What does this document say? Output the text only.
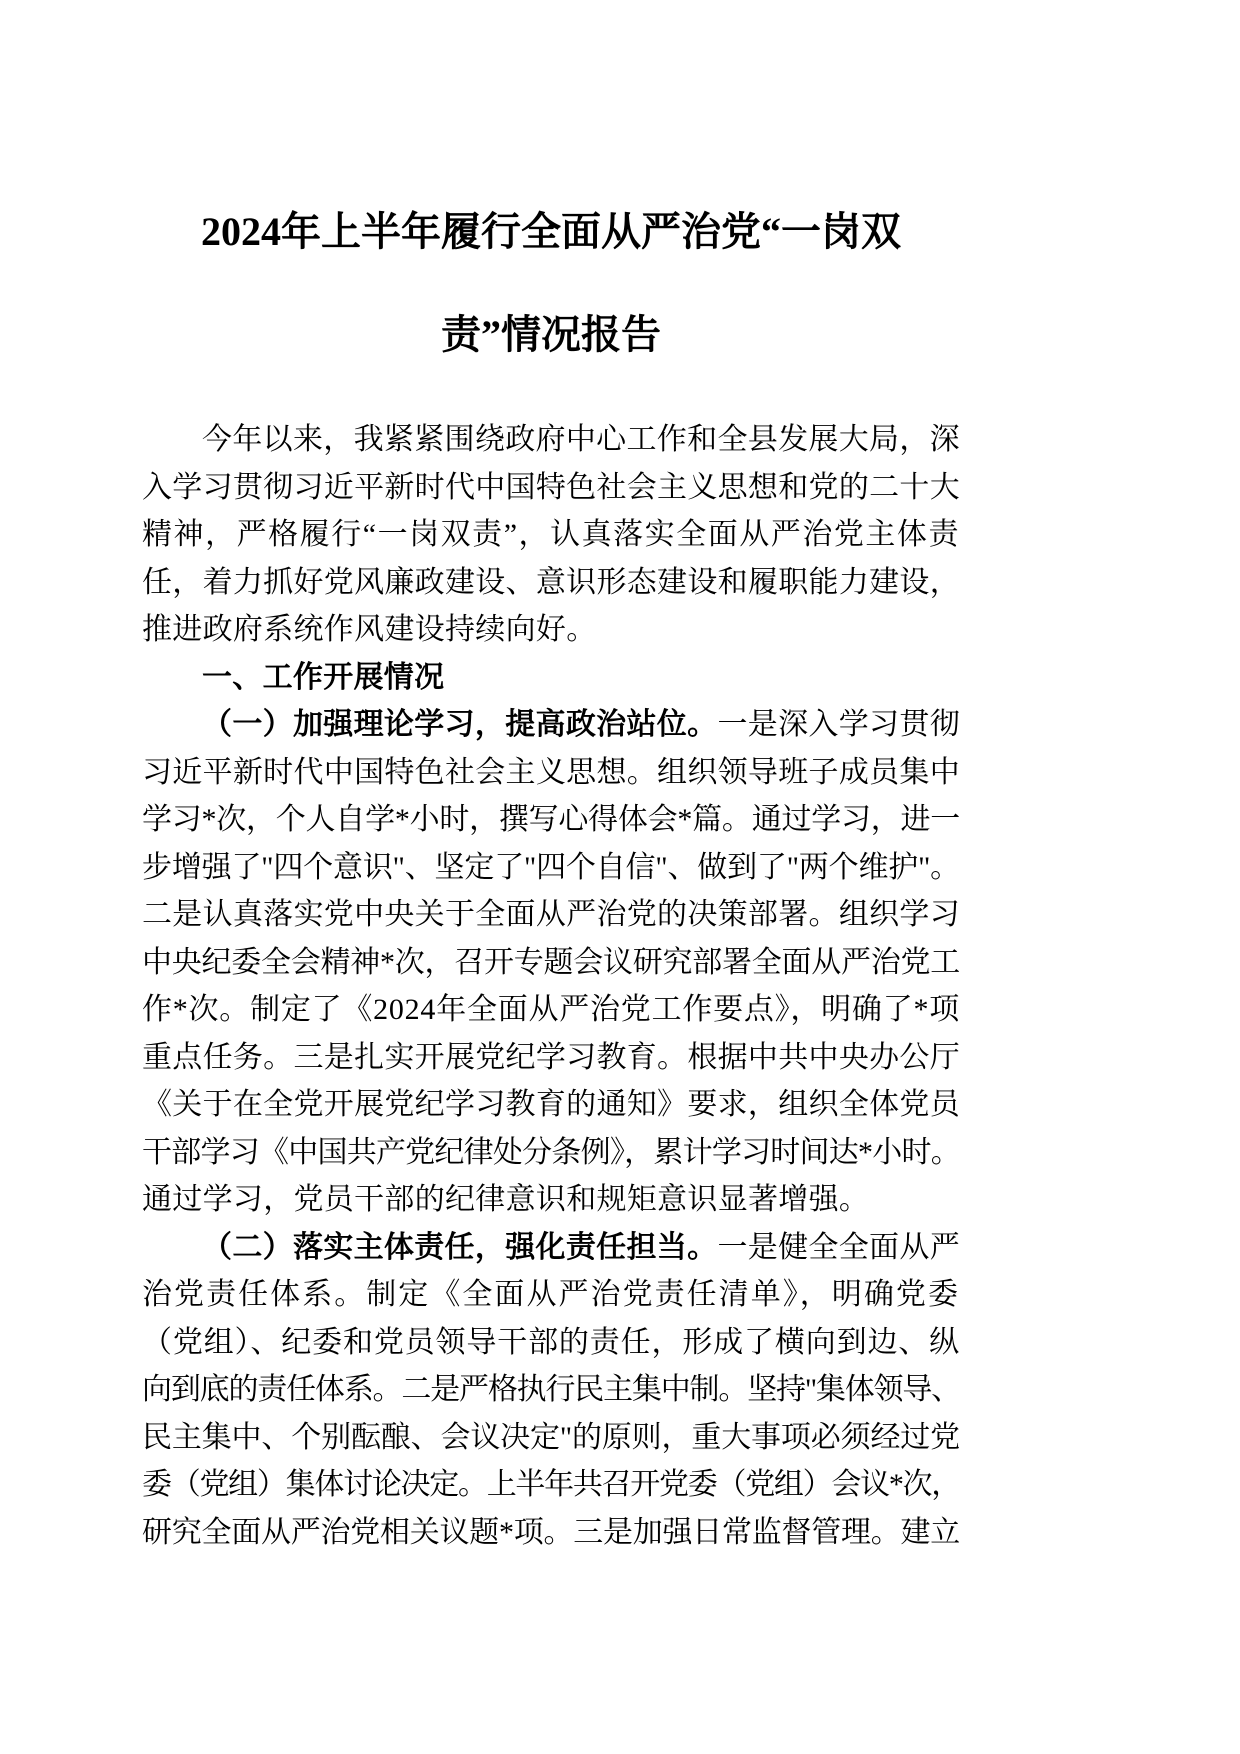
2024年上半年履行全面从严治党“一岗双
责”情况报告
今年以来，我紧紧围绕政府中心工作和全县发展大局，深
入学习贯彻习近平新时代中国特色社会主义思想和党的二十大
精神，严格履行“一岗双责”，认真落实全面从严治党主体责
任，着力抓好党风廉政建设、意识形态建设和履职能力建设，
推进政府系统作风建设持续向好。
一、工作开展情况
（一）加强理论学习，提高政治站位。一是深入学习贯彻
习近平新时代中国特色社会主义思想。组织领导班子成员集中
学习*次，个人自学*小时，撰写心得体会*篇。通过学习，进一
步增强了"四个意识"、坚定了"四个自信"、做到了"两个维护"。
二是认真落实党中央关于全面从严治党的决策部署。组织学习
中央纪委全会精神*次，召开专题会议研究部署全面从严治党工
作*次。制定了《2024年全面从严治党工作要点》，明确了*项
重点任务。三是扎实开展党纪学习教育。根据中共中央办公厅
《关于在全党开展党纪学习教育的通知》要求，组织全体党员
干部学习《中国共产党纪律处分条例》，累计学习时间达*小时。
通过学习，党员干部的纪律意识和规矩意识显著增强。
（二）落实主体责任，强化责任担当。一是健全全面从严
治党责任体系。制定《全面从严治党责任清单》，明确党委
（党组）、纪委和党员领导干部的责任，形成了横向到边、纵
向到底的责任体系。二是严格执行民主集中制。坚持"集体领导、
民主集中、个别酝酿、会议决定"的原则，重大事项必须经过党
委（党组）集体讨论决定。上半年共召开党委（党组）会议*次，
研究全面从严治党相关议题*项。三是加强日常监督管理。建立
